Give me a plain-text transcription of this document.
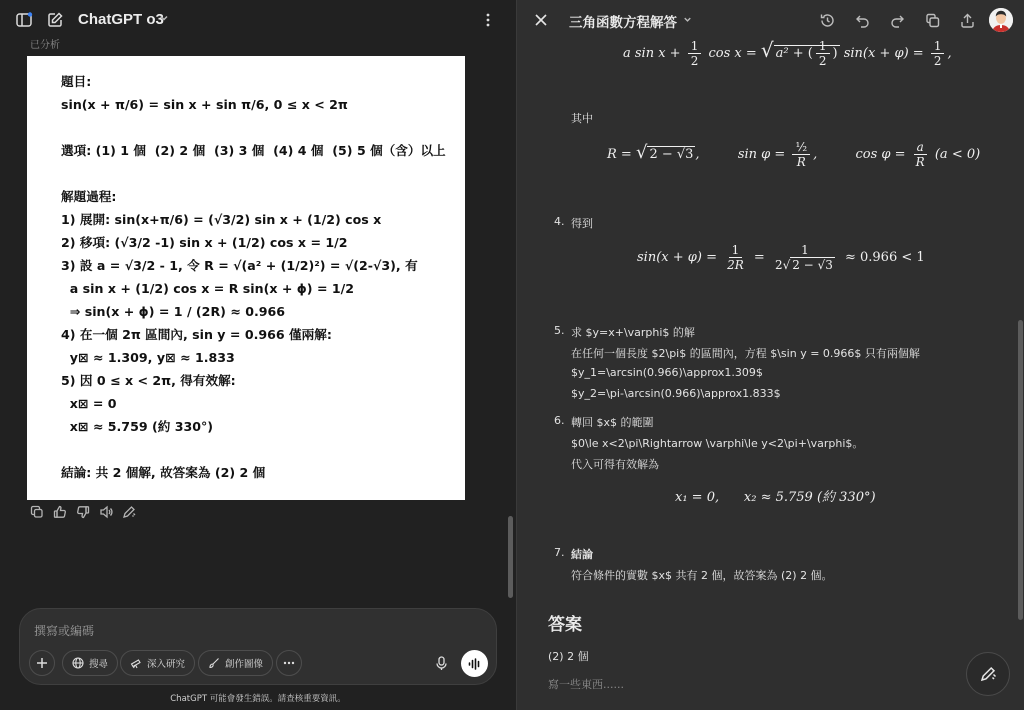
ChatGPT o3
已分析
題目:
sin(x + π/6) = sin x + sin π/6, 0 ≤ x < 2π
選項: (1) 1 個  (2) 2 個  (3) 3 個  (4) 4 個  (5) 5 個（含）以上
解題過程:
1) 展開: sin(x+π/6) = (√3/2) sin x + (1/2) cos x
2) 移項: (√3/2 -1) sin x + (1/2) cos x = 1/2
3) 設 a = √3/2 - 1, 令 R = √(a² + (1/2)²) = √(2-√3), 有
a sin x + (1/2) cos x = R sin(x + ϕ) = 1/2
⇒ sin(x + ϕ) = 1 / (2R) ≈ 0.966
4) 在一個 2π 區間內, sin y = 0.966 僅兩解:
y⊠ ≈ 1.309, y⊠ ≈ 1.833
5) 因 0 ≤ x < 2π, 得有效解:
x⊠ = 0
x⊠ ≈ 5.759 (約 330°)
結論: 共 2 個解, 故答案為 (2) 2 個
撰寫或編碼
搜尋	深入研究	創作圖像
ChatGPT 可能會發生錯誤。請查核重要資訊。
三角函數方程解答
a $\sin x + \frac{1}{2}$ cos x = √ a² + ( $\frac{1}{2}$ ) $\sin(x + \varphi) = \frac{1}{2}$ ,
其中
R = √ 2 − √3 ,	$\sin \varphi = \frac{\text{½}}{R}$ ,	$\cos \varphi = \frac{a}{R} (a < 0)$
4. 得到
$\sin(x + \varphi) = \frac{1}{2R} = \frac{1}{2√ 2 - √3} \approx 0.966 < 1$
5. 求 $y=x+\varphi$ 的解
在任何一個長度 $2\pi$ 的區間內，方程 $\sin y = 0.966$ 只有兩個解
$y_1=\arcsin(0.966)\approx1.309$
$y_2=\pi-\arcsin(0.966)\approx1.833$
6. 轉回 $x$ 的範圍
$0\le x<2\pi\Rightarrow \varphi\le y<2\pi+\varphi$。
代入可得有效解為
x₁ = 0,      x₂ ≈ 5.759 (約 330°)
7. 結論
符合條件的實數 $x$ 共有 2 個，故答案為 (2) 2 個。
答案
(2) 2 個
寫一些東西......
